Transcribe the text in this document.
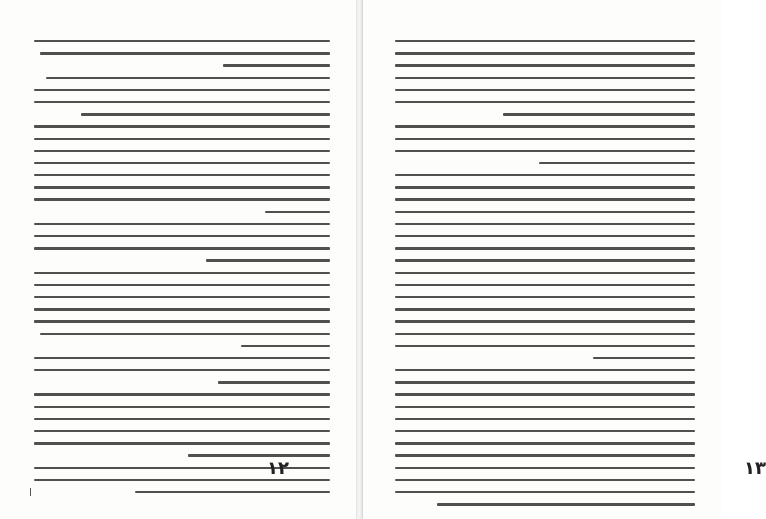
۱۲	۱۳
